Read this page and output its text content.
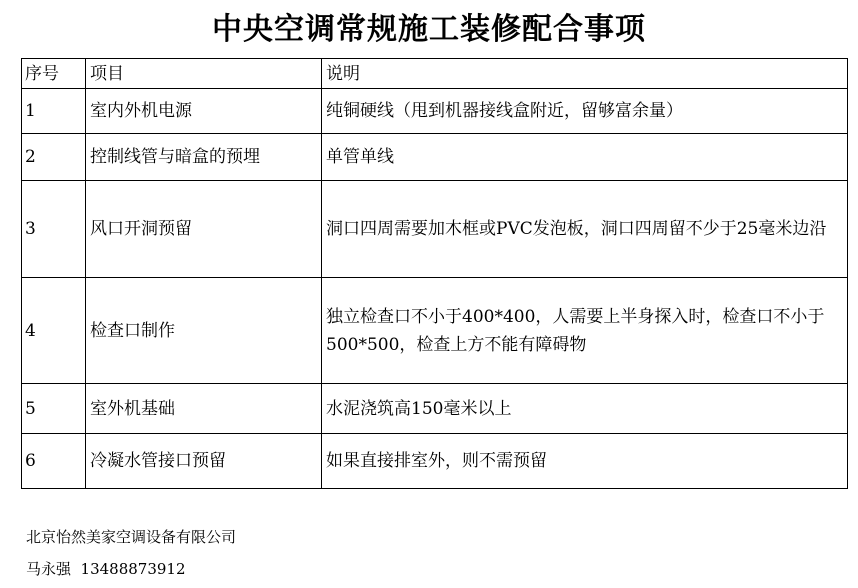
中央空调常规施工装修配合事项
序号	项目	说明
1	室内外机电源	纯铜硬线（甩到机器接线盒附近，留够富余量）
2	控制线管与暗盒的预埋	单管单线
3	风口开洞预留	洞口四周需要加木框或PVC发泡板，洞口四周留不少于25毫米边沿
4	检查口制作	独立检查口不小于400*400，人需要上半身探入时，检查口不小于500*500，检查上方不能有障碍物
5	室外机基础	水泥浇筑高150毫米以上
6	冷凝水管接口预留	如果直接排室外，则不需预留
北京怡然美家空调设备有限公司
马永强  13488873912
